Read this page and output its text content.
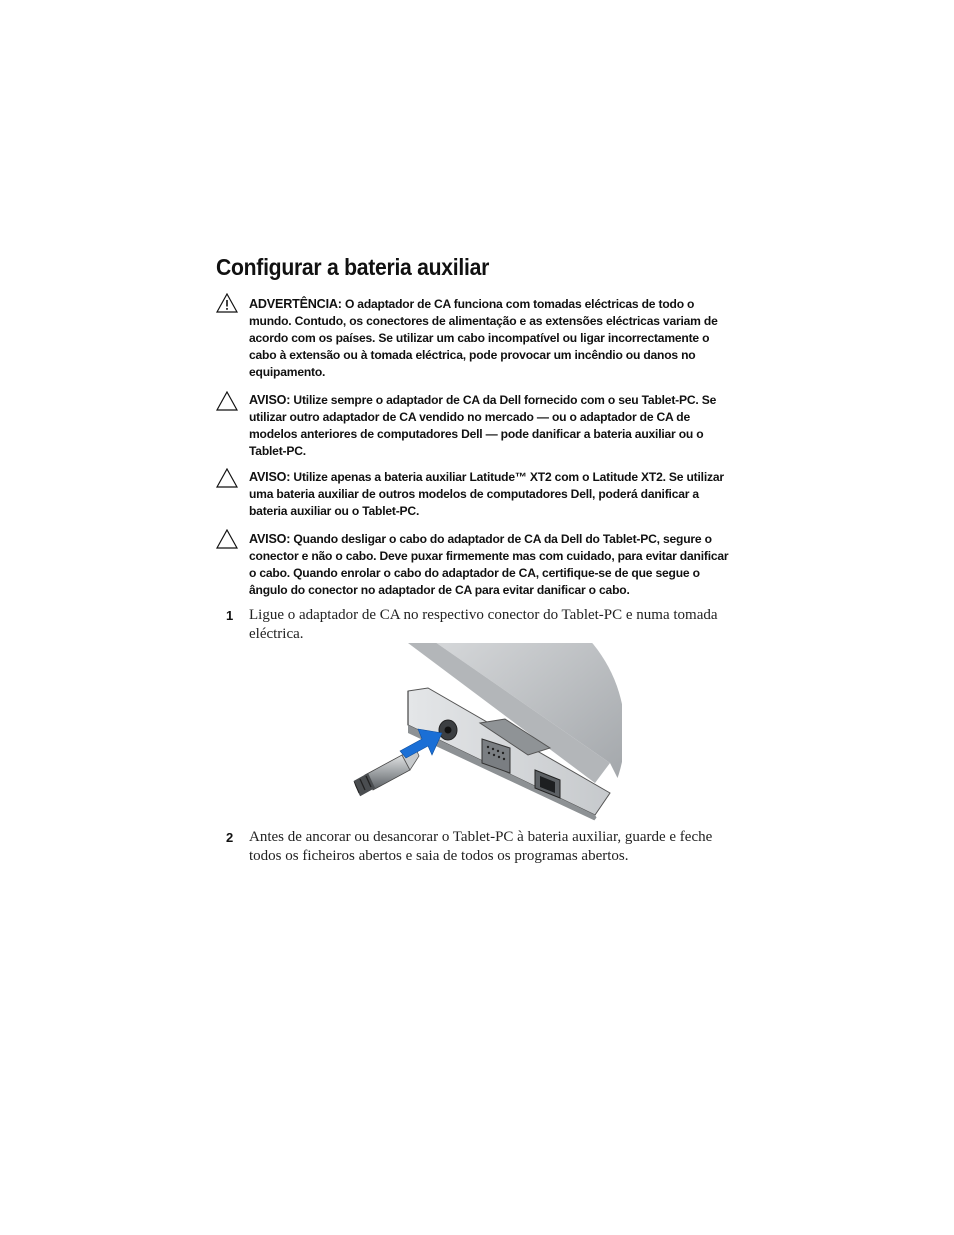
Configurar a bateria auxiliar
ADVERTÊNCIA: O adaptador de CA funciona com tomadas eléctricas de todo o
mundo. Contudo, os conectores de alimentação e as extensões eléctricas variam de
acordo com os países. Se utilizar um cabo incompatível ou ligar incorrectamente o
cabo à extensão ou à tomada eléctrica, pode provocar um incêndio ou danos no
equipamento.
AVISO: Utilize sempre o adaptador de CA da Dell fornecido com o seu Tablet-PC. Se
utilizar outro adaptador de CA vendido no mercado — ou o adaptador de CA de
modelos anteriores de computadores Dell — pode danificar a bateria auxiliar ou o
Tablet-PC.
AVISO: Utilize apenas a bateria auxiliar Latitude™ XT2 com o Latitude XT2. Se utilizar
uma bateria auxiliar de outros modelos de computadores Dell, poderá danificar a
bateria auxiliar ou o Tablet-PC.
AVISO: Quando desligar o cabo do adaptador de CA da Dell do Tablet-PC, segure o
conector e não o cabo. Deve puxar firmemente mas com cuidado, para evitar danificar
o cabo. Quando enrolar o cabo do adaptador de CA, certifique-se de que segue o
ângulo do conector no adaptador de CA para evitar danificar o cabo.
1 Ligue o adaptador de CA no respectivo conector do Tablet-PC e numa tomada
eléctrica.
2 Antes de ancorar ou desancorar o Tablet-PC à bateria auxiliar, guarde e feche
todos os ficheiros abertos e saia de todos os programas abertos.
